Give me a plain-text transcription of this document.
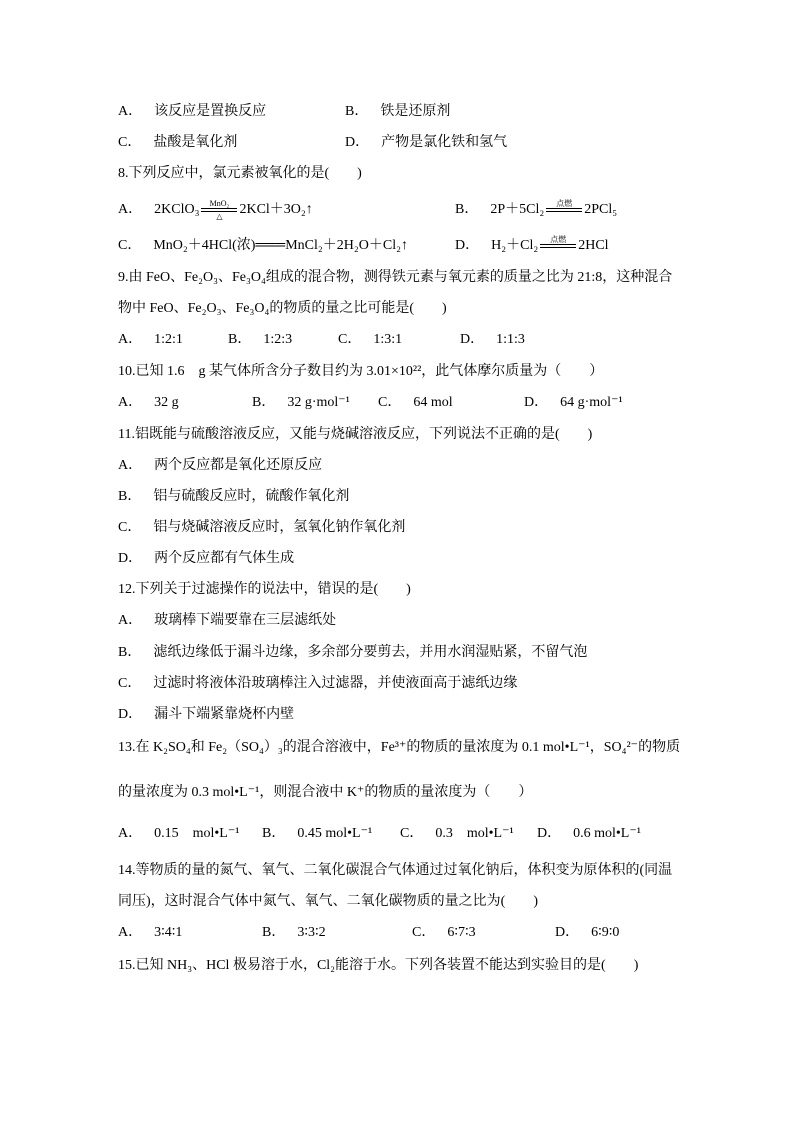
A． 该反应是置换反应	B． 铁是还原剂
C． 盐酸是氧化剂	D． 产物是氯化铁和氢气
8.下列反应中，氯元素被氧化的是(　　)
A． 2KClO₃ MnO₂
△ 2KCl＋3O₂↑	B． 2P＋5Cl₂ 点燃 2PCl₅
C． MnO₂＋4HCl(浓)═══MnCl₂＋2H₂O＋Cl₂↑	D． H₂＋Cl₂ 点燃 2HCl
9.由 FeO、Fe₂O₃、Fe₃O₄组成的混合物，测得铁元素与氧元素的质量之比为 21:8，这种混合
物中 FeO、Fe₂O₃、Fe₃O₄的物质的量之比可能是(　　)
A． 1:2:1	B． 1:2:3	C． 1:3:1	D． 1:1:3
10.已知 1.6　g 某气体所含分子数目约为 3.01×10²²，此气体摩尔质量为（　　）
A． 32 g	B． 32 g·mol⁻¹ C． 64 mol	D． 64 g·mol⁻¹
11.铝既能与硫酸溶液反应，又能与烧碱溶液反应，下列说法不正确的是(　　)
A． 两个反应都是氧化还原反应
B． 铝与硫酸反应时，硫酸作氧化剂
C． 铝与烧碱溶液反应时，氢氧化钠作氧化剂
D． 两个反应都有气体生成
12.下列关于过滤操作的说法中，错误的是(　　)
A． 玻璃棒下端要靠在三层滤纸处
B． 滤纸边缘低于漏斗边缘，多余部分要剪去，并用水润湿贴紧，不留气泡
C． 过滤时将液体沿玻璃棒注入过滤器，并使液面高于滤纸边缘
D． 漏斗下端紧靠烧杯内壁
13.在 K₂SO₄和 Fe₂（SO₄）₃的混合溶液中，Fe³⁺的物质的量浓度为 0.1 mol•L⁻¹，SO₄²⁻的物质
的量浓度为 0.3 mol•L⁻¹，则混合液中 K⁺的物质的量浓度为（　　）
A． 0.15　mol•L⁻¹ B． 0.45 mol•L⁻¹ C． 0.3　mol•L⁻¹ D． 0.6 mol•L⁻¹
14.等物质的量的氮气、氧气、二氧化碳混合气体通过过氧化钠后，体积变为原体积的(同温
同压)，这时混合气体中氮气、氧气、二氧化碳物质的量之比为(　　)
A． 3∶4∶1	B． 3∶3∶2	C． 6∶7∶3	D． 6∶9∶0
15.已知 NH₃、HCl 极易溶于水，Cl₂能溶于水。下列各装置不能达到实验目的是(　　)
